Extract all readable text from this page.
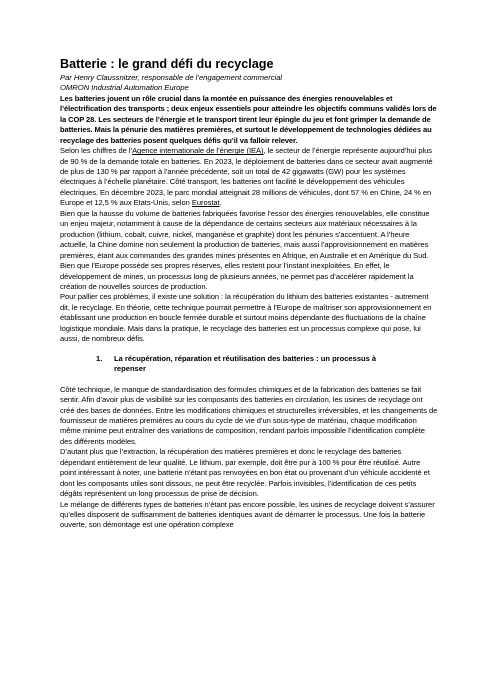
Batterie : le grand défi du recyclage

Par Henry Claussnitzer, responsable de l’engagement commercial

OMRON Industrial Automation Europe

Les batteries jouent un rôle crucial dans la montée en puissance des énergies renouvelables et l’électrification des transports ; deux enjeux essentiels pour atteindre les objectifs communs validés lors de la COP 28. Les secteurs de l’énergie et le transport tirent leur épingle du jeu et font grimper la demande de batteries. Mais la pénurie des matières premières, et surtout le développement de technologies dédiées au recyclage des batteries posent quelques défis qu’il va falloir relever.

Selon les chiffres de l’Agence internationale de l’énergie (IEA), le secteur de l’énergie représente aujourd’hui plus de 90 % de la demande totale en batteries. En 2023, le déploiement de batteries dans ce secteur avait augmenté de plus de 130 % par rapport à l’année précédente, soit un total de 42 gigawatts (GW) pour les systèmes électriques à l’échelle planétaire. Côté transport, les batteries ont facilité le développement des véhicules électriques. En décembre 2023, le parc mondial atteignait 28 millions de véhicules, dont 57 % en Chine, 24 % en Europe et 12,5 % aux Etats-Unis, selon Eurostat.

Bien que la hausse du volume de batteries fabriquées favorise l’essor des énergies renouvelables, elle constitue un enjeu majeur, notamment à cause de la dépendance de certains secteurs aux matériaux nécessaires à la production (lithium, cobalt, cuivre, nickel, manganèse et graphite) dont les pénuries s’accentuent. A l’heure actuelle, la Chine domine non seulement la production de batteries, mais aussi l’approvisionnement en matières premières, étant aux commandes des grandes mines présentes en Afrique, en Australie et en Amérique du Sud. Bien que l’Europe possède ses propres réserves, elles restent pour l’instant inexploitées. En effet, le développement de mines, un processus long de plusieurs années, ne permet pas d’accélérer rapidement la création de nouvelles sources de production.

Pour pallier ces problèmes, il existe une solution : la récupération du lithium des batteries existantes - autrement dit, le recyclage. En théorie, cette technique pourrait permettre à l’Europe de maîtriser son approvisionnement en établissant une production en boucle fermée durable et surtout moins dépendante des fluctuations de la chaîne logistique mondiale. Mais dans la pratique, le recyclage des batteries est un processus complexe qui pose, lui aussi, de nombreux défis.

1.	La récupération, réparation et réutilisation des batteries : un processus à repenser

Côté technique, le manque de standardisation des formules chimiques et de la fabrication des batteries se fait sentir. Afin d’avoir plus de visibilité sur les composants des batteries en circulation, les usines de recyclage ont créé des bases de données. Entre les modifications chimiques et structurelles irréversibles, et les changements de fournisseur de matières premières au cours du cycle de vie d’un sous-type de matériau, chaque modification même minime peut entraîner des variations de composition, rendant parfois impossible l’identification complète des différents modèles.

D’autant plus que l’extraction, la récupération des matières premières et donc le recyclage des batteries dépendant entièrement de leur qualité. Le lithium, par exemple, doit être pur à 100 % pour être réutilisé. Autre point intéressant à noter, une batterie n’étant pas renvoyées en bon état ou provenant d’un véhicule accidenté et dont les composants utiles sont dissous, ne peut être recyclée. Parfois invisibles, l’identification de ces petits dégâts représentent un long processus de prise de décision.

Le mélange de différents types de batteries n’étant pas encore possible, les usines de recyclage doivent s’assurer qu’elles disposent de suffisamment de batteries identiques avant de démarrer le processus. Une fois la batterie ouverte, son démontage est une opération complexe
